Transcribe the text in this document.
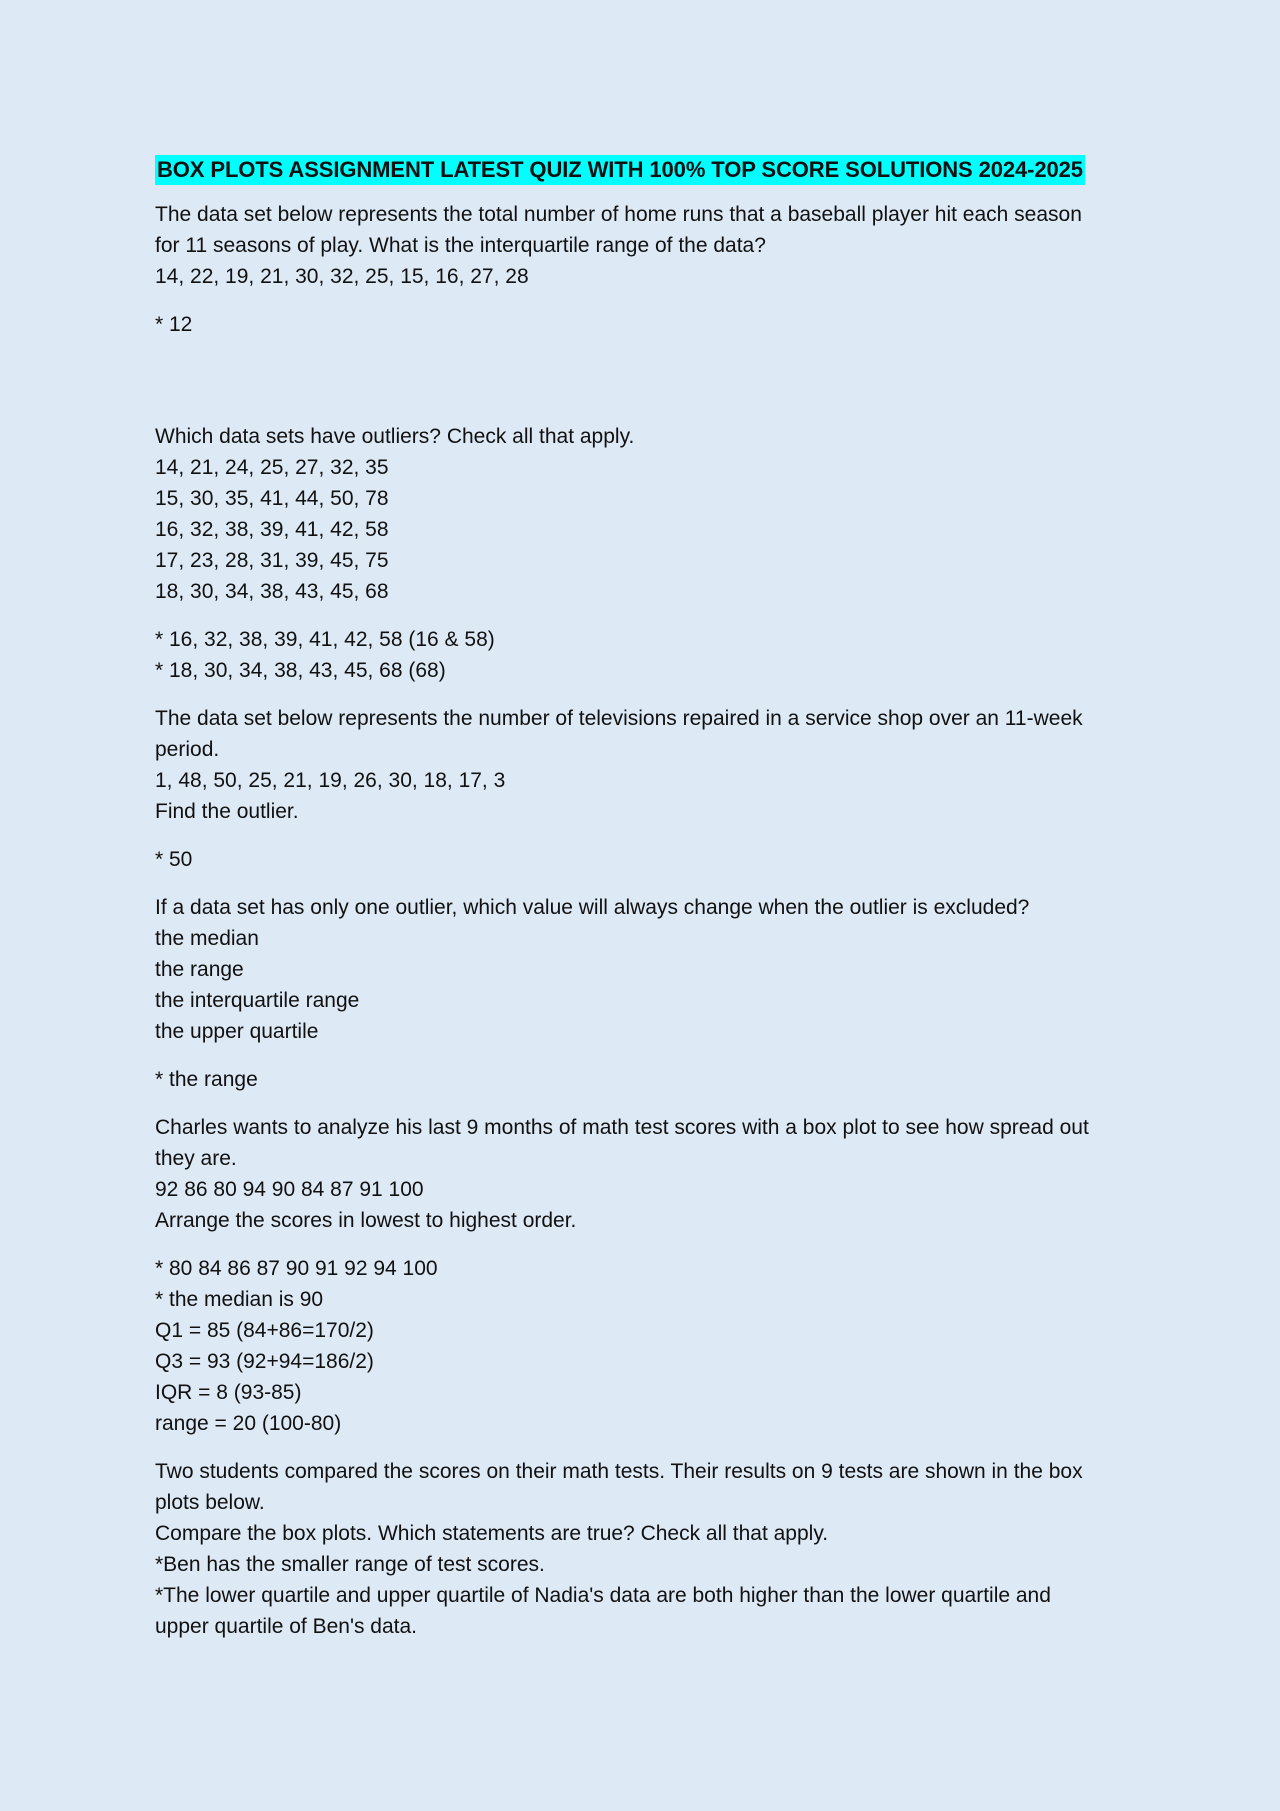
BOX PLOTS ASSIGNMENT LATEST QUIZ WITH 100% TOP SCORE SOLUTIONS 2024-2025
The data set below represents the total number of home runs that a baseball player hit each season
for 11 seasons of play. What is the interquartile range of the data?
14, 22, 19, 21, 30, 32, 25, 15, 16, 27, 28
* 12
Which data sets have outliers? Check all that apply.
14, 21, 24, 25, 27, 32, 35
15, 30, 35, 41, 44, 50, 78
16, 32, 38, 39, 41, 42, 58
17, 23, 28, 31, 39, 45, 75
18, 30, 34, 38, 43, 45, 68
* 16, 32, 38, 39, 41, 42, 58 (16 & 58)
* 18, 30, 34, 38, 43, 45, 68 (68)
The data set below represents the number of televisions repaired in a service shop over an 11-week
period.
1, 48, 50, 25, 21, 19, 26, 30, 18, 17, 3
Find the outlier.
* 50
If a data set has only one outlier, which value will always change when the outlier is excluded?
the median
the range
the interquartile range
the upper quartile
* the range
Charles wants to analyze his last 9 months of math test scores with a box plot to see how spread out
they are.
92 86 80 94 90 84 87 91 100
Arrange the scores in lowest to highest order.
* 80 84 86 87 90 91 92 94 100
* the median is 90
Q1 = 85 (84+86=170/2)
Q3 = 93 (92+94=186/2)
IQR = 8 (93-85)
range = 20 (100-80)
Two students compared the scores on their math tests. Their results on 9 tests are shown in the box
plots below.
Compare the box plots. Which statements are true? Check all that apply.
*Ben has the smaller range of test scores.
*The lower quartile and upper quartile of Nadia's data are both higher than the lower quartile and
upper quartile of Ben's data.
